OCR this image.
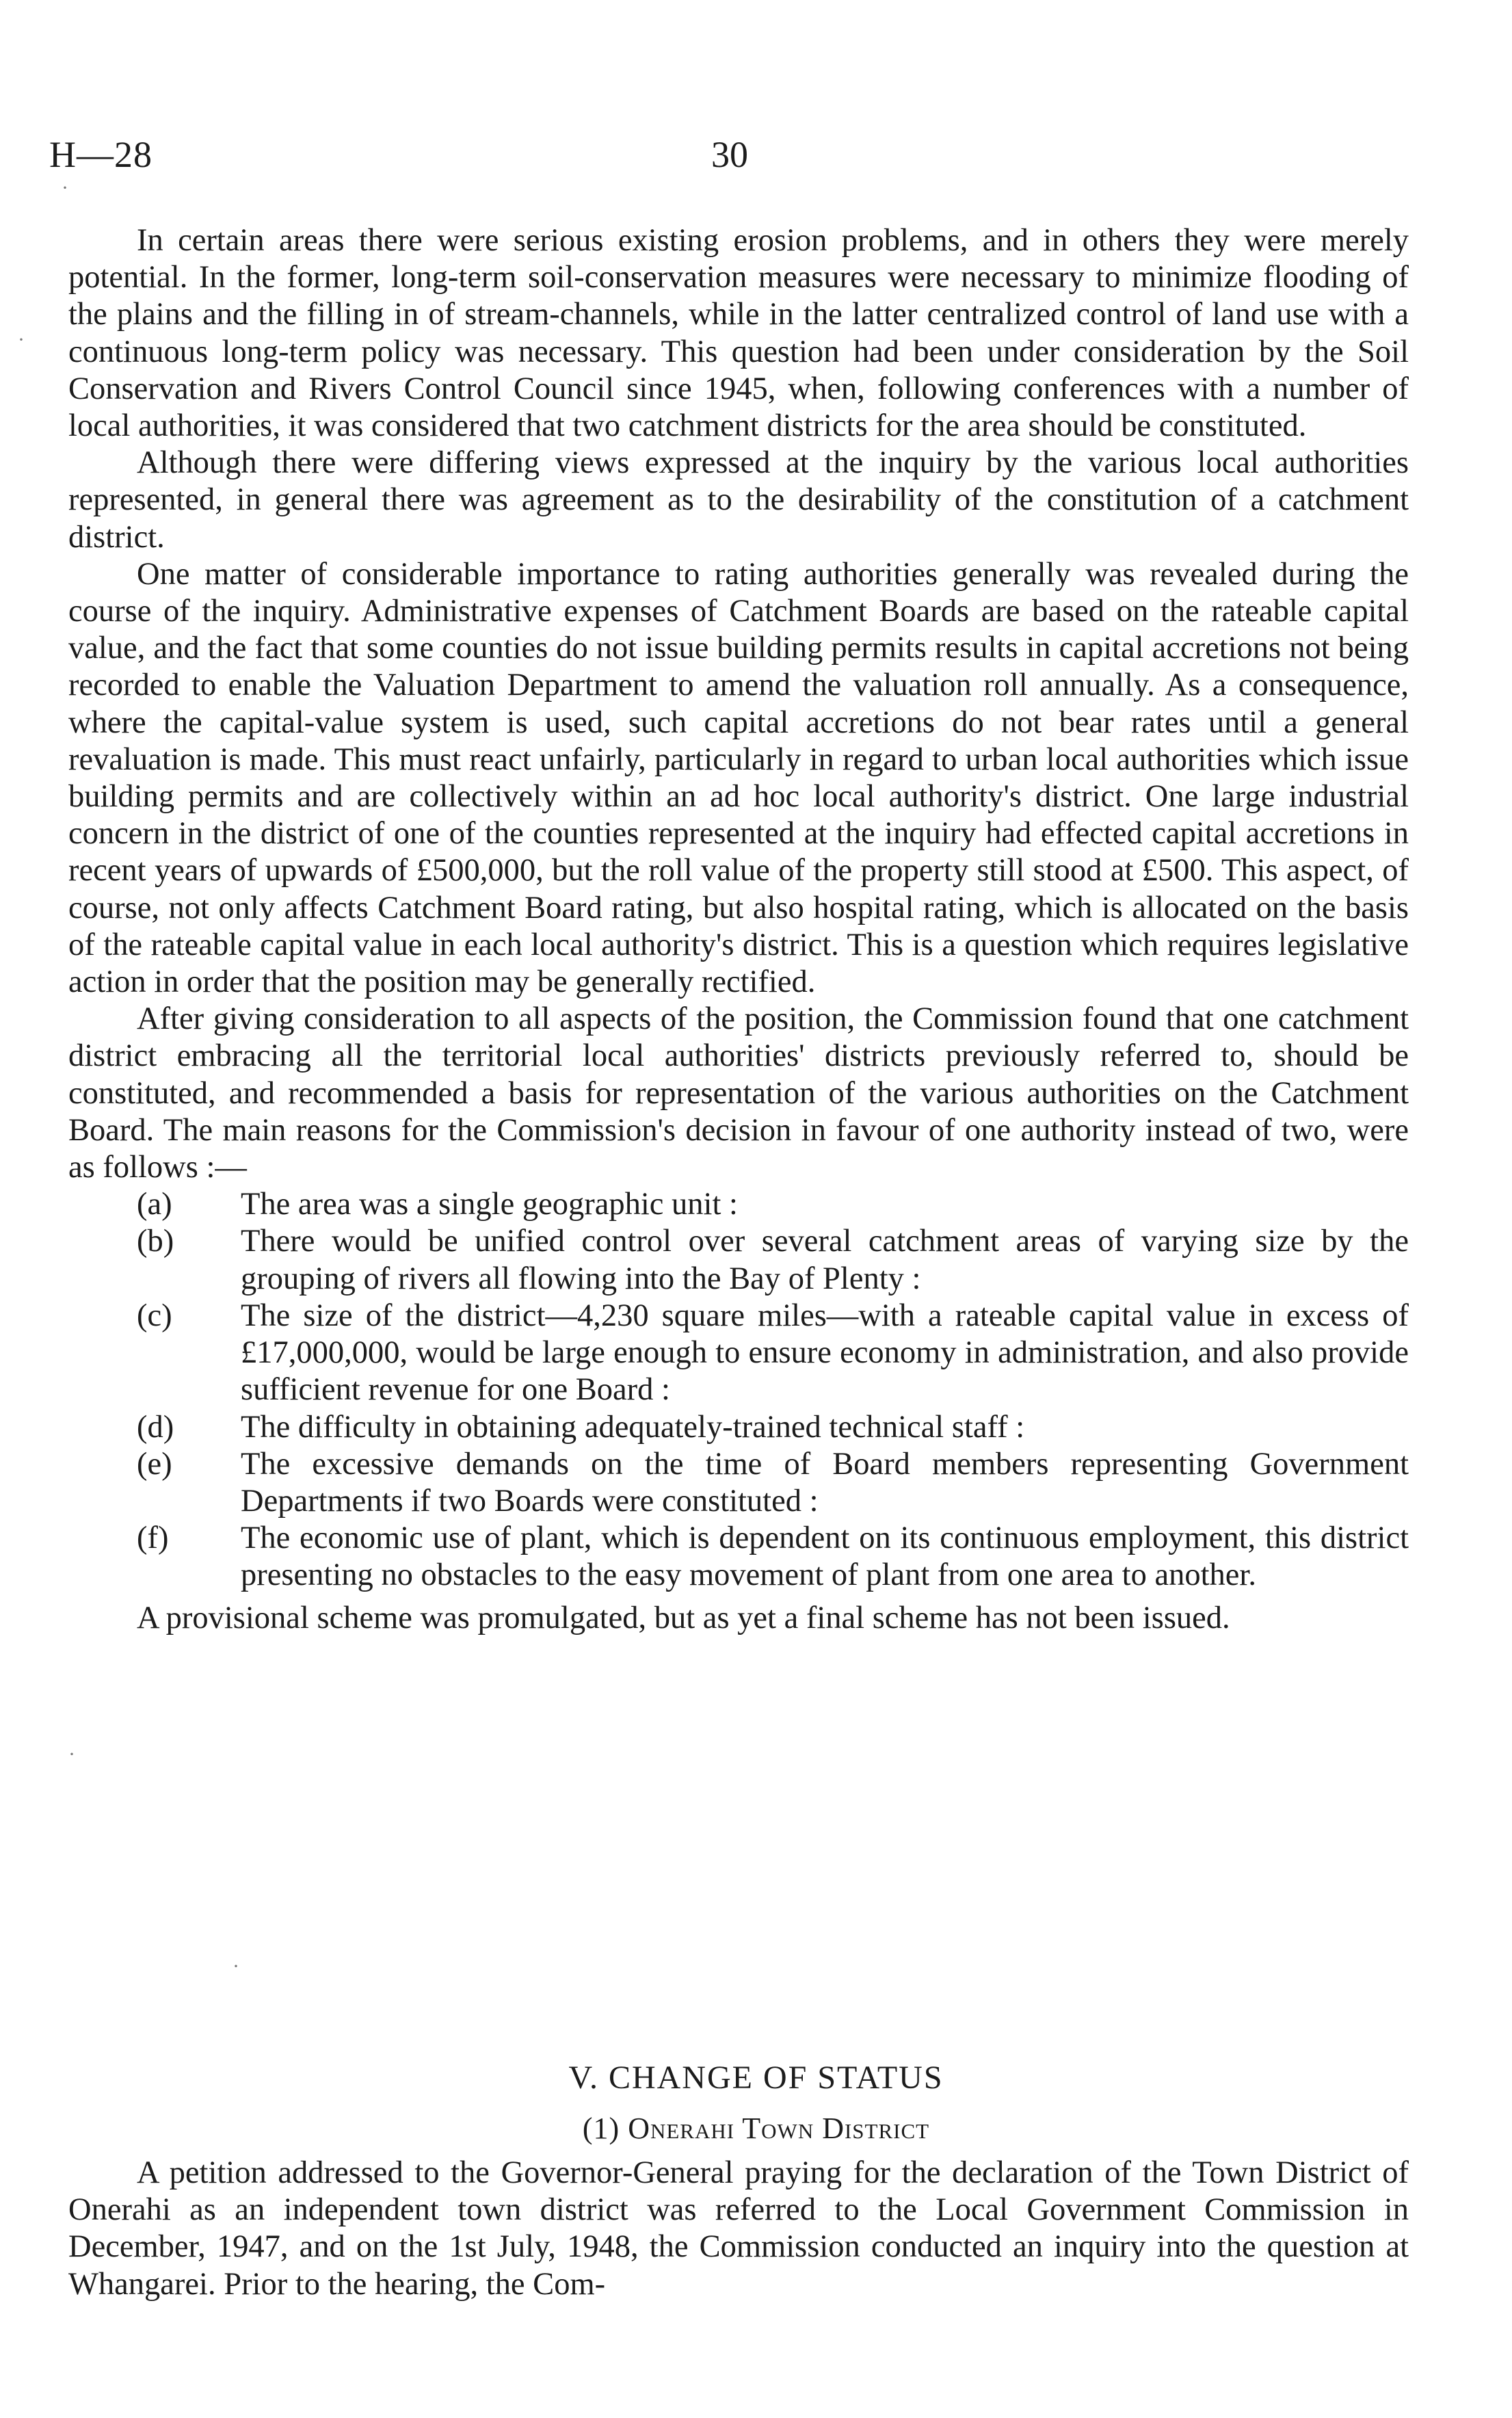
H—28	30

In certain areas there were serious existing erosion problems, and in others they were merely potential. In the former, long-term soil-conservation measures were necessary to minimize flooding of the plains and the filling in of stream-channels, while in the latter centralized control of land use with a continuous long-term policy was necessary. This question had been under consideration by the Soil Conservation and Rivers Control Council since 1945, when, following conferences with a number of local authorities, it was considered that two catchment districts for the area should be constituted.

Although there were differing views expressed at the inquiry by the various local authorities represented, in general there was agreement as to the desirability of the constitution of a catchment district.

One matter of considerable importance to rating authorities generally was revealed during the course of the inquiry. Administrative expenses of Catchment Boards are based on the rateable capital value, and the fact that some counties do not issue building permits results in capital accretions not being recorded to enable the Valuation Department to amend the valuation roll annually. As a consequence, where the capital-value system is used, such capital accretions do not bear rates until a general revaluation is made. This must react unfairly, particularly in regard to urban local authorities which issue building permits and are collectively within an ad hoc local authority's district. One large industrial concern in the district of one of the counties represented at the inquiry had effected capital accretions in recent years of upwards of £500,000, but the roll value of the property still stood at £500. This aspect, of course, not only affects Catchment Board rating, but also hospital rating, which is allocated on the basis of the rateable capital value in each local authority's district. This is a question which requires legislative action in order that the position may be generally rectified.

After giving consideration to all aspects of the position, the Commission found that one catchment district embracing all the territorial local authorities' districts previously referred to, should be constituted, and recommended a basis for representation of the various authorities on the Catchment Board. The main reasons for the Commission's decision in favour of one authority instead of two, were as follows :—

(a)	The area was a single geographic unit :
(b)	There would be unified control over several catchment areas of varying size by the grouping of rivers all flowing into the Bay of Plenty :
(c)	The size of the district—4,230 square miles—with a rateable capital value in excess of £17,000,000, would be large enough to ensure economy in administration, and also provide sufficient revenue for one Board :
(d)	The difficulty in obtaining adequately-trained technical staff :
(e)	The excessive demands on the time of Board members representing Government Departments if two Boards were constituted :
(f)	The economic use of plant, which is dependent on its continuous employment, this district presenting no obstacles to the easy movement of plant from one area to another.

A provisional scheme was promulgated, but as yet a final scheme has not been issued.

V. CHANGE OF STATUS
(1) Onerahi Town District
A petition addressed to the Governor-General praying for the declaration of the Town District of Onerahi as an independent town district was referred to the Local Government Commission in December, 1947, and on the 1st July, 1948, the Commission conducted an inquiry into the question at Whangarei. Prior to the hearing, the Com-
·
·
·
·
